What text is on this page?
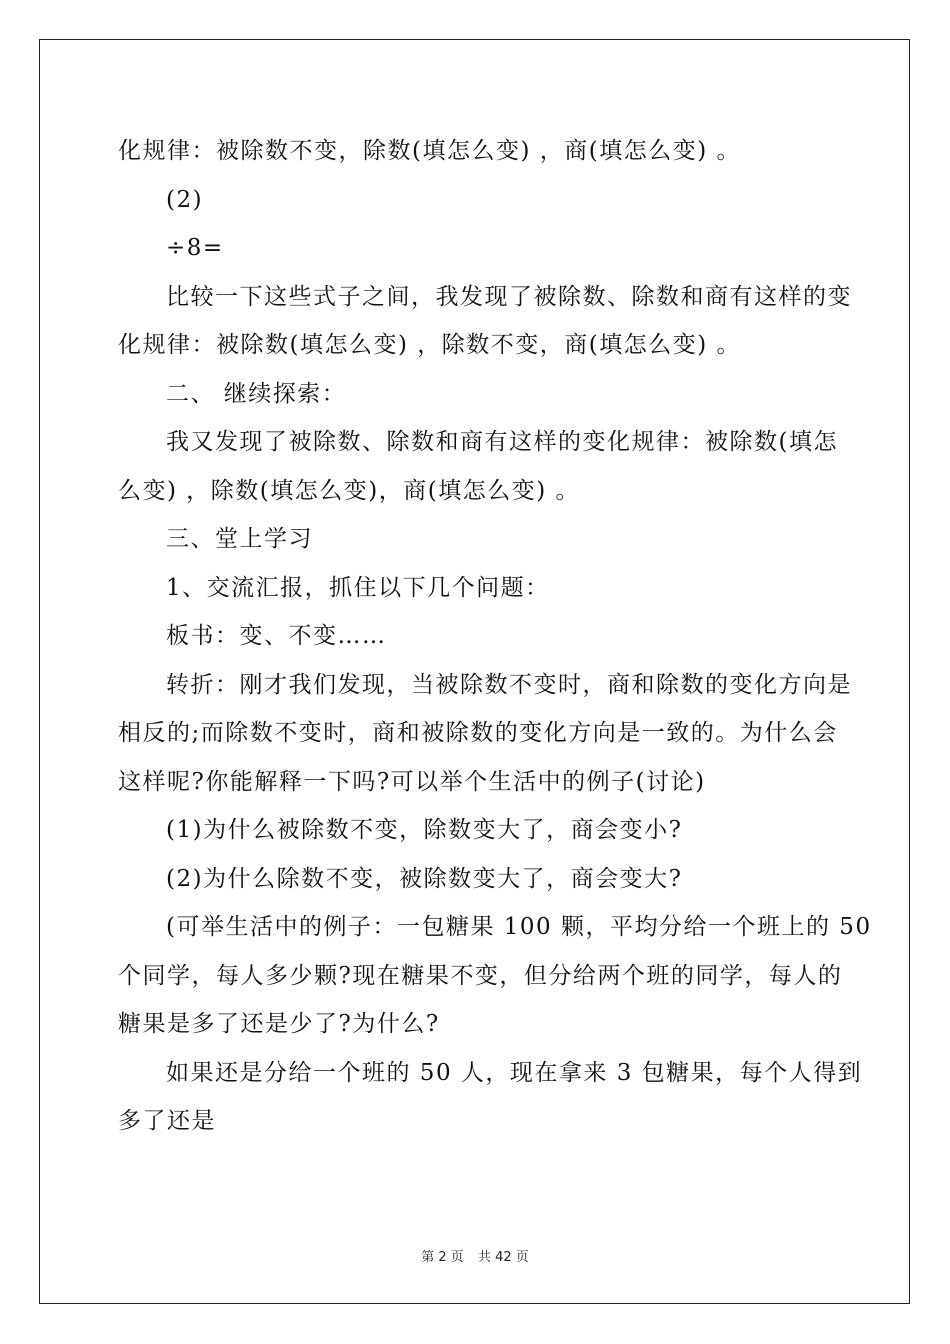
化规律：被除数不变，除数(填怎么变) ，商(填怎么变) 。
(2)
÷8=
比较一下这些式子之间，我发现了被除数、除数和商有这样的变
化规律：被除数(填怎么变) ，除数不变，商(填怎么变) 。
二、 继续探索：
我又发现了被除数、除数和商有这样的变化规律：被除数(填怎
么变) ，除数(填怎么变)，商(填怎么变) 。
三、堂上学习
1、交流汇报，抓住以下几个问题：
板书：变、不变……
转折：刚才我们发现，当被除数不变时，商和除数的变化方向是
相反的;而除数不变时，商和被除数的变化方向是一致的。为什么会
这样呢?你能解释一下吗?可以举个生活中的例子(讨论)
(1)为什么被除数不变，除数变大了，商会变小?
(2)为什么除数不变，被除数变大了，商会变大?
(可举生活中的例子：一包糖果 100 颗，平均分给一个班上的 50
个同学，每人多少颗?现在糖果不变，但分给两个班的同学，每人的
糖果是多了还是少了?为什么?
如果还是分给一个班的 50 人，现在拿来 3 包糖果，每个人得到
多了还是
第 2 页 共 42 页
